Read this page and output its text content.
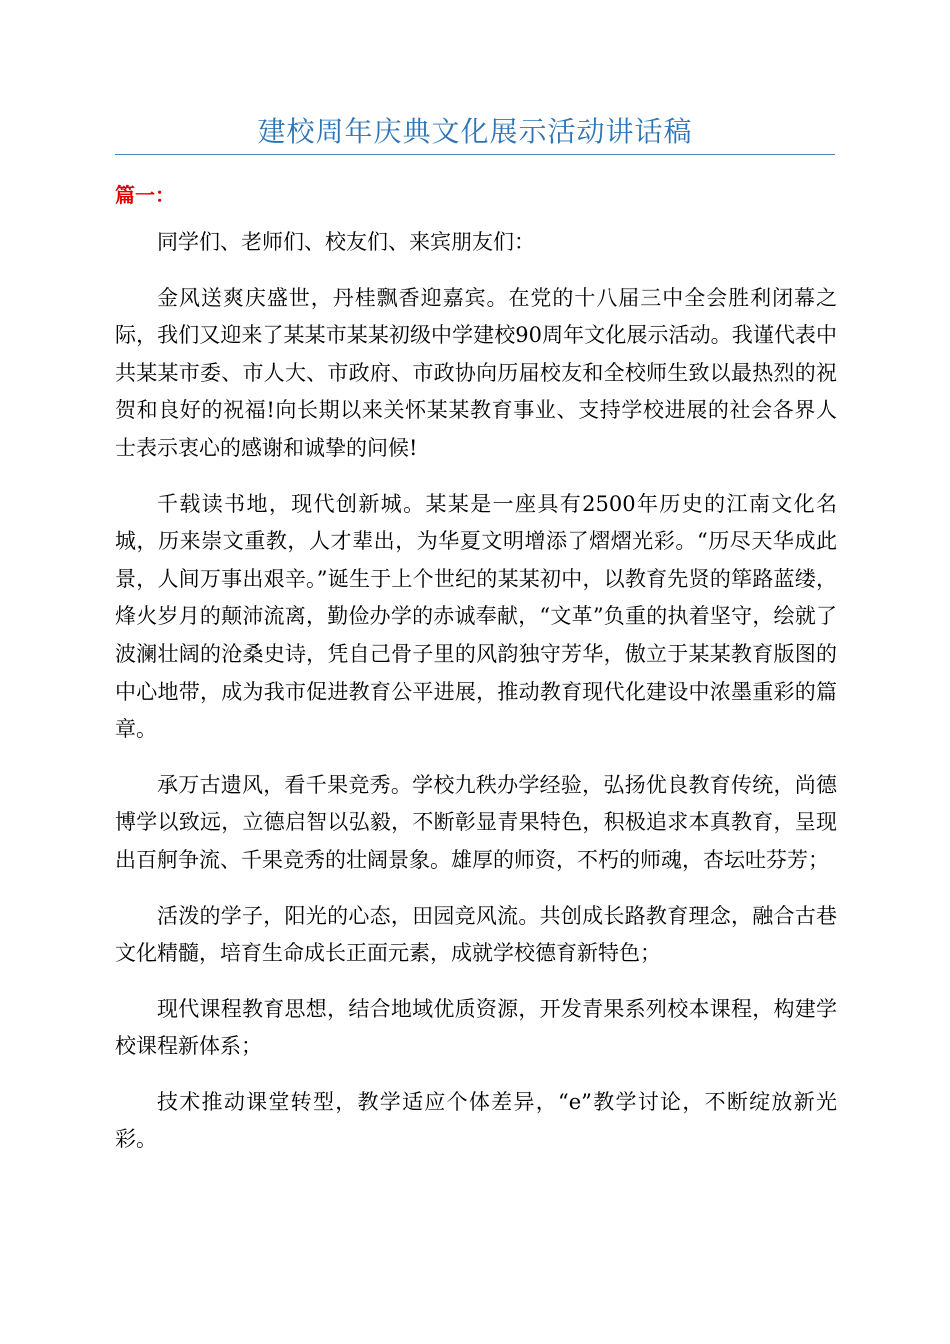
建校周年庆典文化展示活动讲话稿
篇一：

同学们、老师们、校友们、来宾朋友们：

金风送爽庆盛世，丹桂飘香迎嘉宾。在党的十八届三中全会胜利闭幕之际，我们又迎来了某某市某某初级中学建校90周年文化展示活动。我谨代表中共某某市委、市人大、市政府、市政协向历届校友和全校师生致以最热烈的祝贺和良好的祝福!向长期以来关怀某某教育事业、支持学校进展的社会各界人士表示衷心的感谢和诚挚的问候!

千载读书地，现代创新城。某某是一座具有2500年历史的江南文化名城，历来崇文重教，人才辈出，为华夏文明增添了熠熠光彩。“历尽天华成此景，人间万事出艰辛。”诞生于上个世纪的某某初中，以教育先贤的筚路蓝缕，烽火岁月的颠沛流离，勤俭办学的赤诚奉献，“文革”负重的执着坚守，绘就了波澜壮阔的沧桑史诗，凭自己骨子里的风韵独守芳华，傲立于某某教育版图的中心地带，成为我市促进教育公平进展，推动教育现代化建设中浓墨重彩的篇章。

承万古遗风，看千果竞秀。学校九秩办学经验，弘扬优良教育传统，尚德博学以致远，立德启智以弘毅，不断彰显青果特色，积极追求本真教育，呈现出百舸争流、千果竞秀的壮阔景象。雄厚的师资，不朽的师魂，杏坛吐芬芳；

活泼的学子，阳光的心态，田园竞风流。共创成长路教育理念，融合古巷文化精髓，培育生命成长正面元素，成就学校德育新特色；

现代课程教育思想，结合地域优质资源，开发青果系列校本课程，构建学校课程新体系；

技术推动课堂转型，教学适应个体差异，“e”教学讨论，不断绽放新光彩。
